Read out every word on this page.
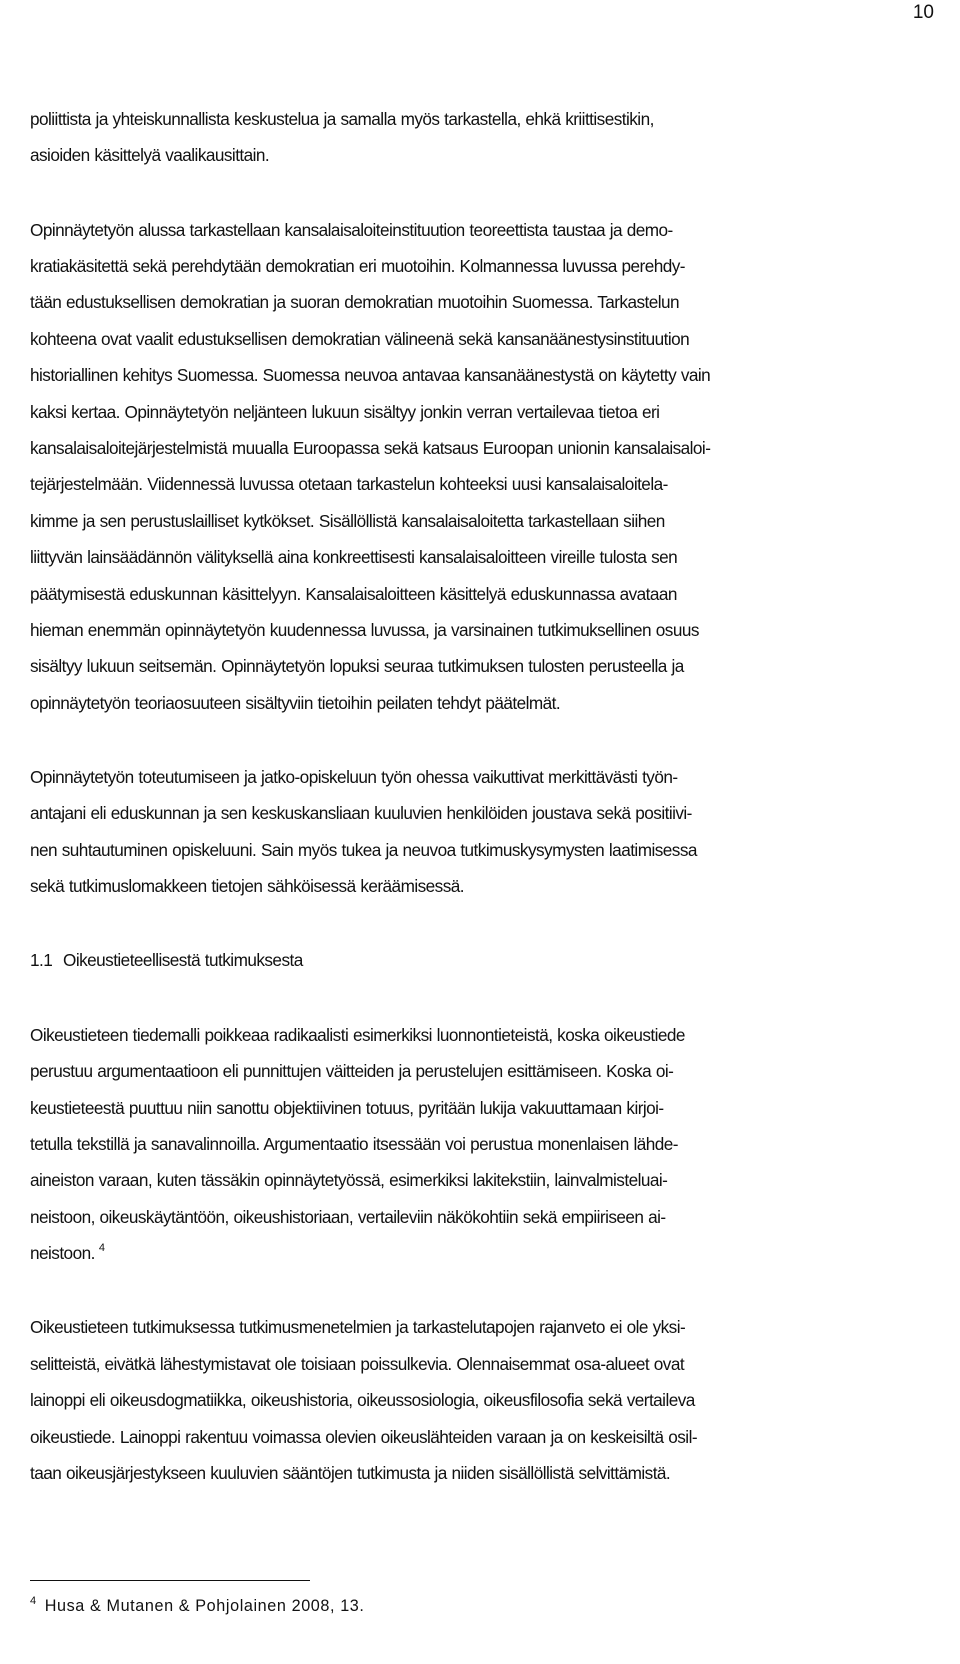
10
poliittista ja yhteiskunnallista keskustelua ja samalla myös tarkastella, ehkä kriittisestikin,
asioiden käsittelyä vaalikausittain.
Opinnäytetyön alussa tarkastellaan kansalaisaloiteinstituution teoreettista taustaa ja demo-
kratiakäsitettä sekä perehdytään demokratian eri muotoihin. Kolmannessa luvussa perehdy-
tään edustuksellisen demokratian ja suoran demokratian muotoihin Suomessa. Tarkastelun
kohteena ovat vaalit edustuksellisen demokratian välineenä sekä kansanäänestysinstituution
historiallinen kehitys Suomessa. Suomessa neuvoa antavaa kansanäänestystä on käytetty vain
kaksi kertaa. Opinnäytetyön neljänteen lukuun sisältyy jonkin verran vertailevaa tietoa eri
kansalaisaloitejärjestelmistä muualla Euroopassa sekä katsaus Euroopan unionin kansalaisaloi-
tejärjestelmään. Viidennessä luvussa otetaan tarkastelun kohteeksi uusi kansalaisaloitela-
kimme ja sen perustuslailliset kytkökset. Sisällöllistä kansalaisaloitetta tarkastellaan siihen
liittyvän lainsäädännön välityksellä aina konkreettisesti kansalaisaloitteen vireille tulosta sen
päätymisestä eduskunnan käsittelyyn. Kansalaisaloitteen käsittelyä eduskunnassa avataan
hieman enemmän opinnäytetyön kuudennessa luvussa, ja varsinainen tutkimuksellinen osuus
sisältyy lukuun seitsemän. Opinnäytetyön lopuksi seuraa tutkimuksen tulosten perusteella ja
opinnäytetyön teoriaosuuteen sisältyviin tietoihin peilaten tehdyt päätelmät.
Opinnäytetyön toteutumiseen ja jatko-opiskeluun työn ohessa vaikuttivat merkittävästi työn-
antajani eli eduskunnan ja sen keskuskansliaan kuuluvien henkilöiden joustava sekä positiivi-
nen suhtautuminen opiskeluuni. Sain myös tukea ja neuvoa tutkimuskysymysten laatimisessa
sekä tutkimuslomakkeen tietojen sähköisessä keräämisessä.
1.1 Oikeustieteellisestä tutkimuksesta
Oikeustieteen tiedemalli poikkeaa radikaalisti esimerkiksi luonnontieteistä, koska oikeustiede
perustuu argumentaatioon eli punnittujen väitteiden ja perustelujen esittämiseen. Koska oi-
keustieteestä puuttuu niin sanottu objektiivinen totuus, pyritään lukija vakuuttamaan kirjoi-
tetulla tekstillä ja sanavalinnoilla. Argumentaatio itsessään voi perustua monenlaisen lähde-
aineiston varaan, kuten tässäkin opinnäytetyössä, esimerkiksi lakitekstiin, lainvalmisteluai-
neistoon, oikeuskäytäntöön, oikeushistoriaan, vertaileviin näkökohtiin sekä empiiriseen ai-
neistoon. $^4$
Oikeustieteen tutkimuksessa tutkimusmenetelmien ja tarkastelutapojen rajanveto ei ole yksi-
selitteistä, eivätkä lähestymistavat ole toisiaan poissulkevia. Olennaisemmat osa-alueet ovat
lainoppi eli oikeusdogmatiikka, oikeushistoria, oikeussosiologia, oikeusfilosofia sekä vertaileva
oikeustiede. Lainoppi rakentuu voimassa olevien oikeuslähteiden varaan ja on keskeisiltä osil-
taan oikeusjärjestykseen kuuluvien sääntöjen tutkimusta ja niiden sisällöllistä selvittämistä.
$^4$ Husa & Mutanen & Pohjolainen 2008, 13.
